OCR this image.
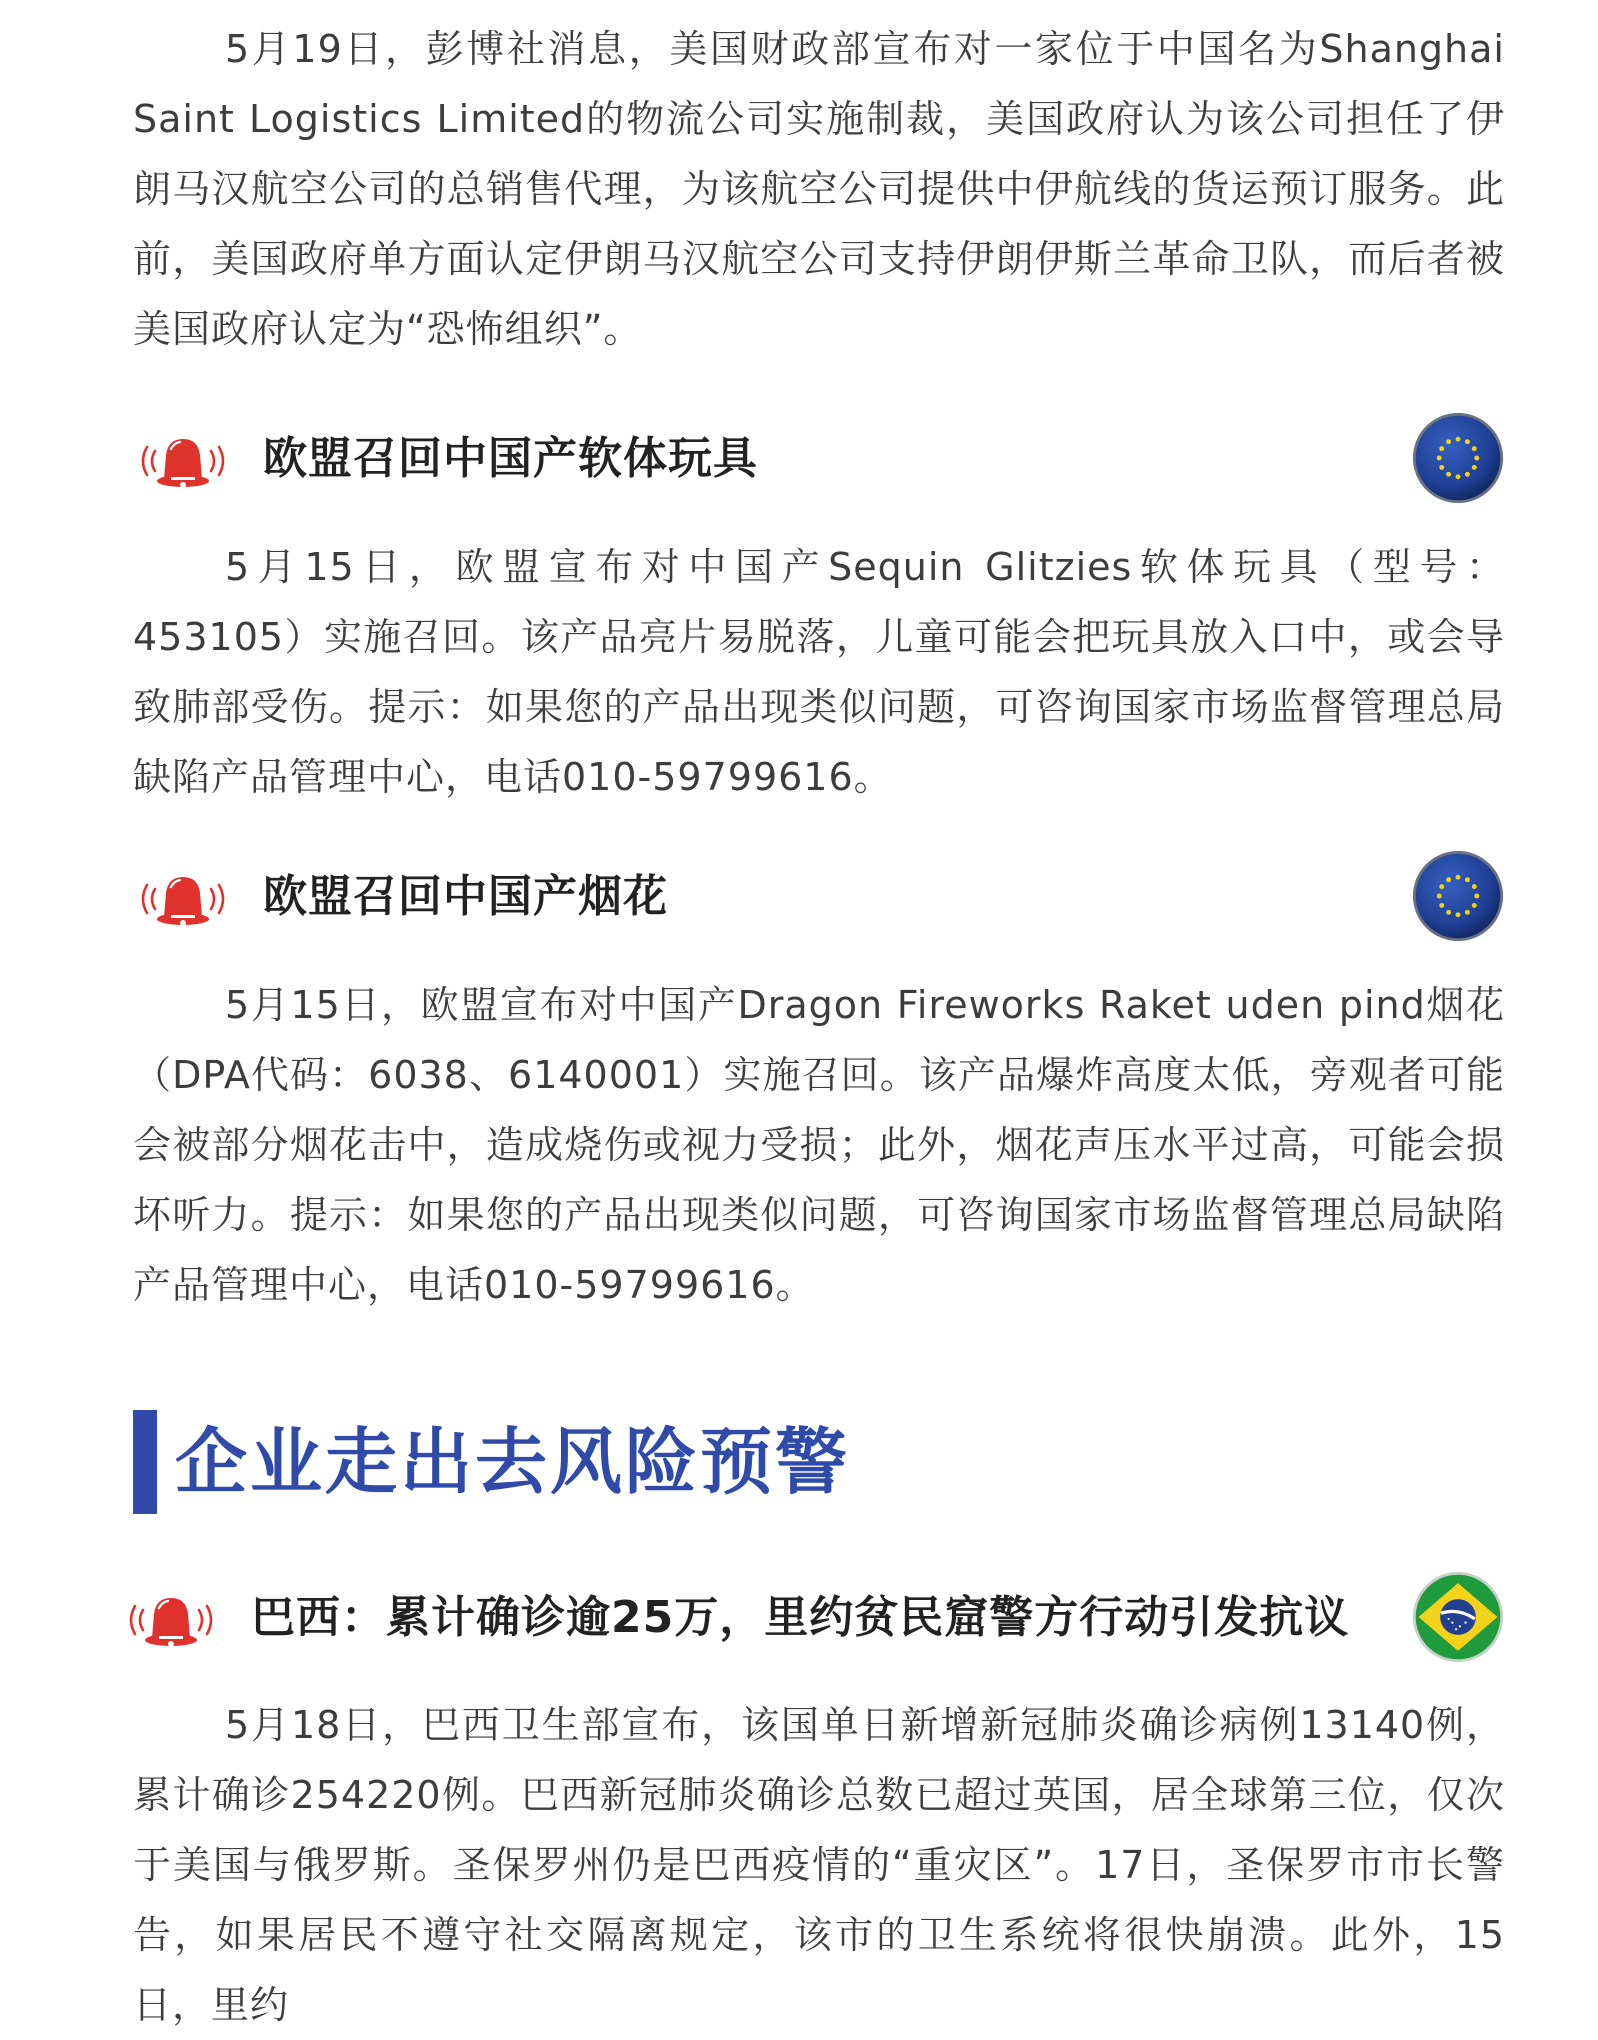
5月19日，彭博社消息，美国财政部宣布对一家位于中国名为Shanghai Saint Logistics Limited的物流公司实施制裁，美国政府认为该公司担任了伊朗马汉航空公司的总销售代理，为该航空公司提供中伊航线的货运预订服务。此前，美国政府单方面认定伊朗马汉航空公司支持伊朗伊斯兰革命卫队，而后者被美国政府认定为“恐怖组织”。

欧盟召回中国产软体玩具

5月15日，欧盟宣布对中国产Sequin Glitzies软体玩具（型号：453105）实施召回。该产品亮片易脱落，儿童可能会把玩具放入口中，或会导致肺部受伤。提示：如果您的产品出现类似问题，可咨询国家市场监督管理总局缺陷产品管理中心，电话010-59799616。

欧盟召回中国产烟花

5月15日，欧盟宣布对中国产Dragon Fireworks Raket uden pind烟花（DPA代码：6038、6140001）实施召回。该产品爆炸高度太低，旁观者可能会被部分烟花击中，造成烧伤或视力受损；此外，烟花声压水平过高，可能会损坏听力。提示：如果您的产品出现类似问题，可咨询国家市场监督管理总局缺陷产品管理中心，电话010-59799616。

企业走出去风险预警
巴西：累计确诊逾25万，里约贫民窟警方行动引发抗议

5月18日，巴西卫生部宣布，该国单日新增新冠肺炎确诊病例13140例，累计确诊254220例。巴西新冠肺炎确诊总数已超过英国，居全球第三位，仅次于美国与俄罗斯。圣保罗州仍是巴西疫情的“重灾区”。17日，圣保罗市市长警告，如果居民不遵守社交隔离规定，该市的卫生系统将很快崩溃。此外，15日，里约
